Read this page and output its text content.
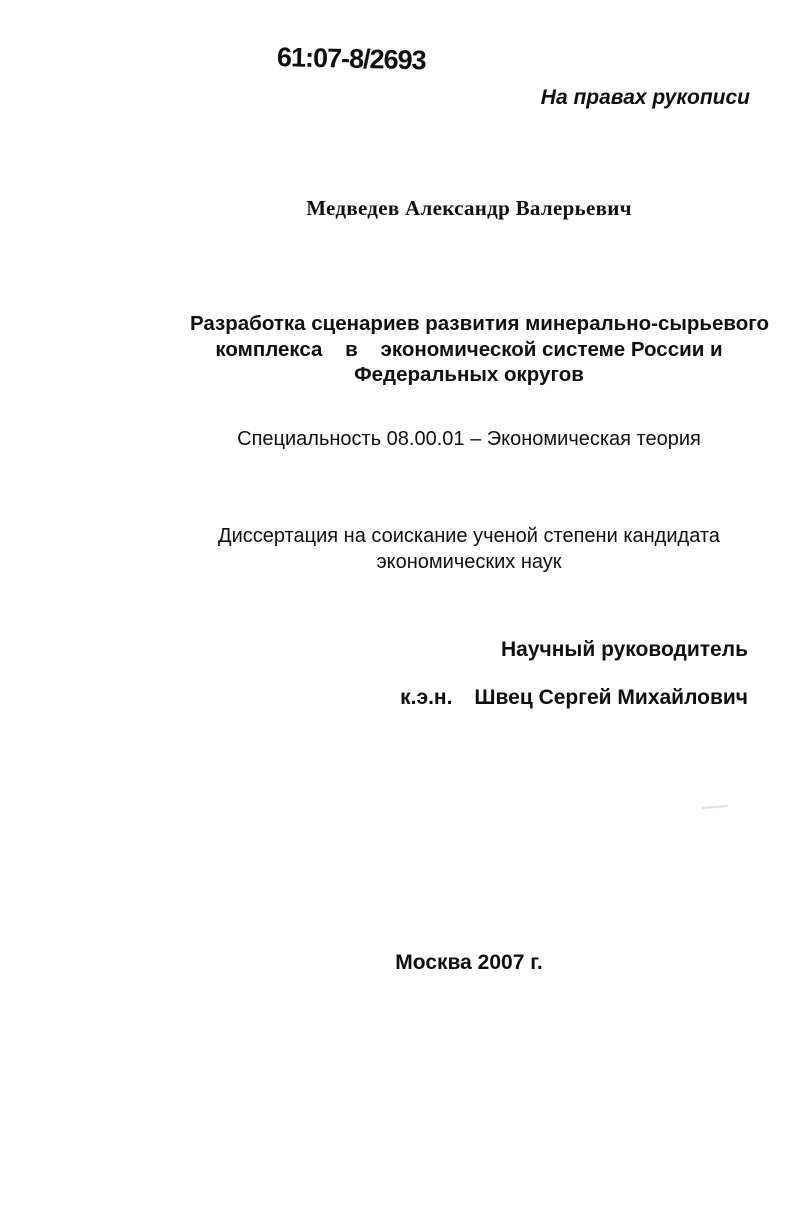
61:07-8/2693
На правах рукописи
Медведев Александр Валерьевич
Разработка сценариев развития минерально-сырьевого
комплекса    в    экономической системе России и
Федеральных округов
Специальность 08.00.01 – Экономическая теория
Диссертация на соискание ученой степени кандидата
экономических наук
Научный руководитель
к.э.н. Швец Сергей Михайлович
Москва 2007 г.
